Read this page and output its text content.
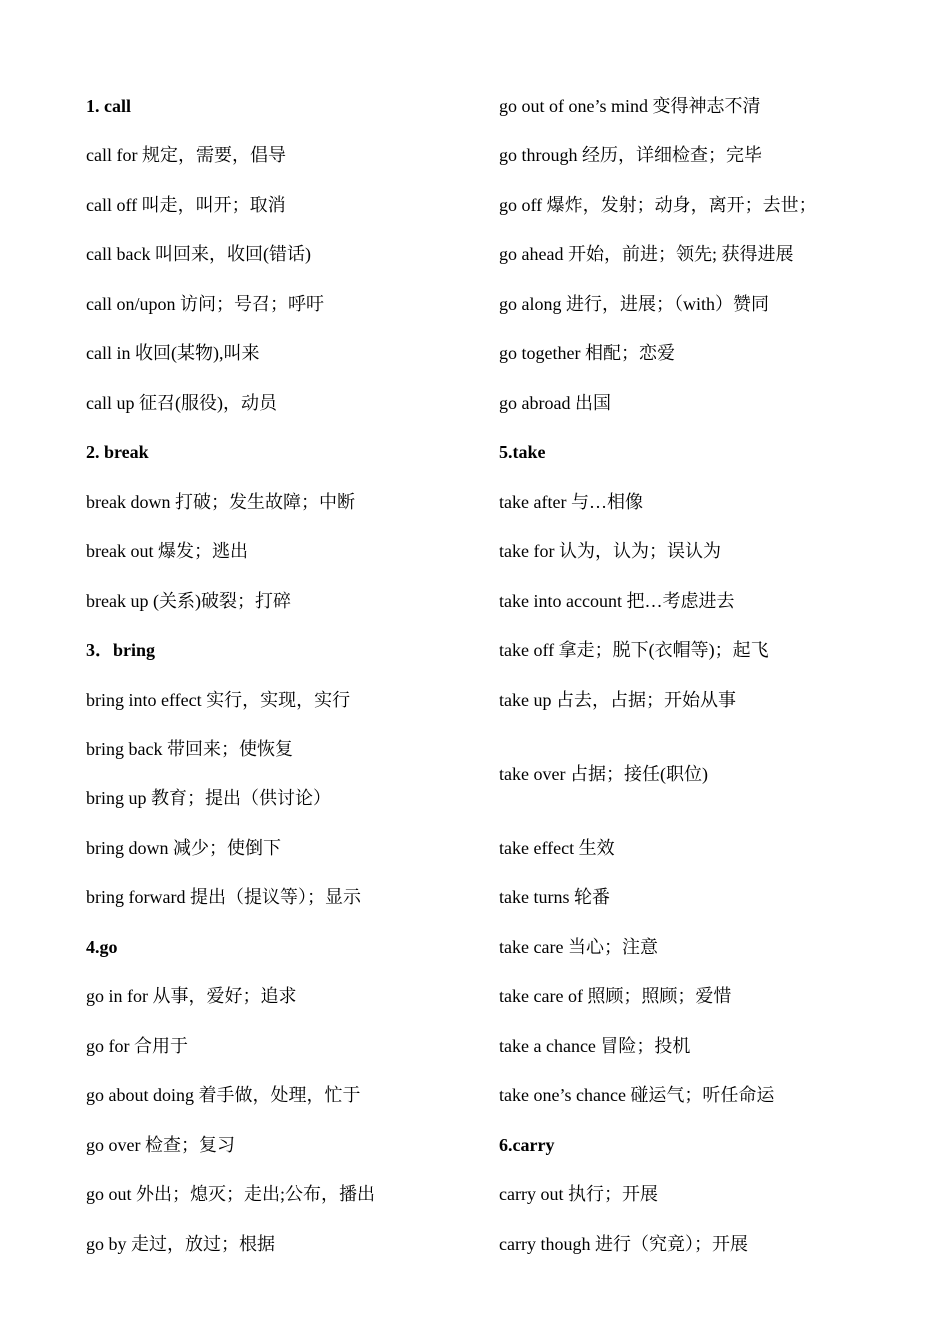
1. call
call for 规定，需要，倡导
call off 叫走，叫开；取消
call back 叫回来，收回(错话)
call on/upon 访问；号召；呼吁
call in 收回(某物),叫来
call up 征召(服役)，动员
2. break
break down 打破；发生故障；中断
break out 爆发；逃出
break up (关系)破裂；打碎
3．bring
bring into effect 实行，实现，实行
bring back 带回来；使恢复
bring up 教育；提出（供讨论）
bring down 减少；使倒下
bring forward 提出（提议等）；显示
4.go
go in for 从事，爱好；追求
go for 合用于
go about doing 着手做，处理，忙于
go over 检查；复习
go out 外出；熄灭；走出;公布，播出
go by 走过，放过；根据
go out of one’s mind 变得神志不清
go through 经历，详细检查；完毕
go off 爆炸，发射；动身，离开；去世；
go ahead 开始，前进；领先; 获得进展
go along 进行，进展；（with）赞同
go together 相配；恋爱
go abroad 出国
5.take
take after 与…相像
take for 认为，认为；误认为
take into account 把…考虑进去
take off 拿走；脱下(衣帽等)；起飞
take up 占去，占据；开始从事
take over 占据；接任(职位)
take effect 生效
take turns 轮番
take care 当心；注意
take care of 照顾；照顾；爱惜
take a chance 冒险；投机
take one’s chance 碰运气；听任命运
6.carry
carry out 执行；开展
carry though 进行（究竟）；开展
